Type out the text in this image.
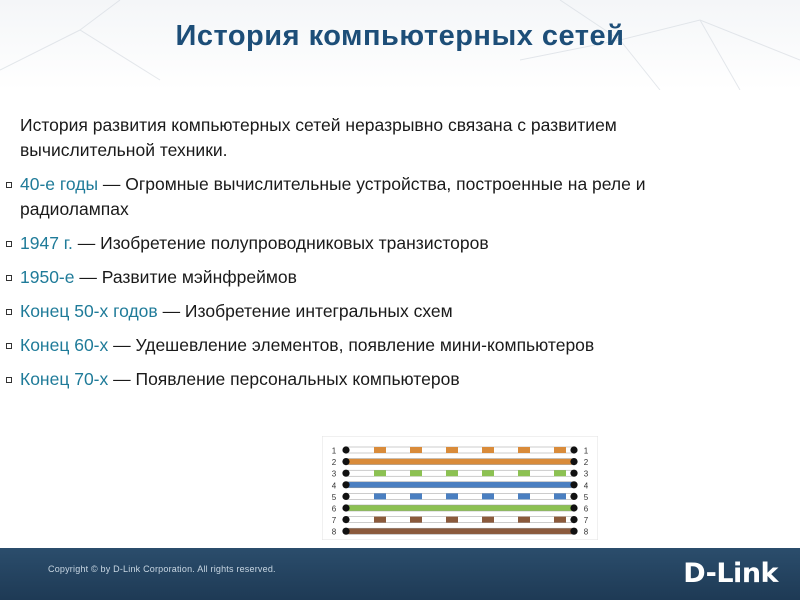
История компьютерных сетей

История развития компьютерных сетей неразрывно связана с развитием вычислительной техники.

40-е годы — Огромные вычислительные устройства, построенные на реле и радиолампах
1947 г. — Изобретение полупроводниковых транзисторов
1950-е — Развитие мэйнфреймов
Конец 50-х годов — Изобретение интегральных схем
Конец 60-х — Удешевление элементов, появление мини-компьютеров
Конец 70-х — Появление персональных компьютеров
1	1
2	2
3	3
4	4
5	5
6	6
7	7
8	8
Copyright © by D-Link Corporation. All rights reserved.	D-Link
